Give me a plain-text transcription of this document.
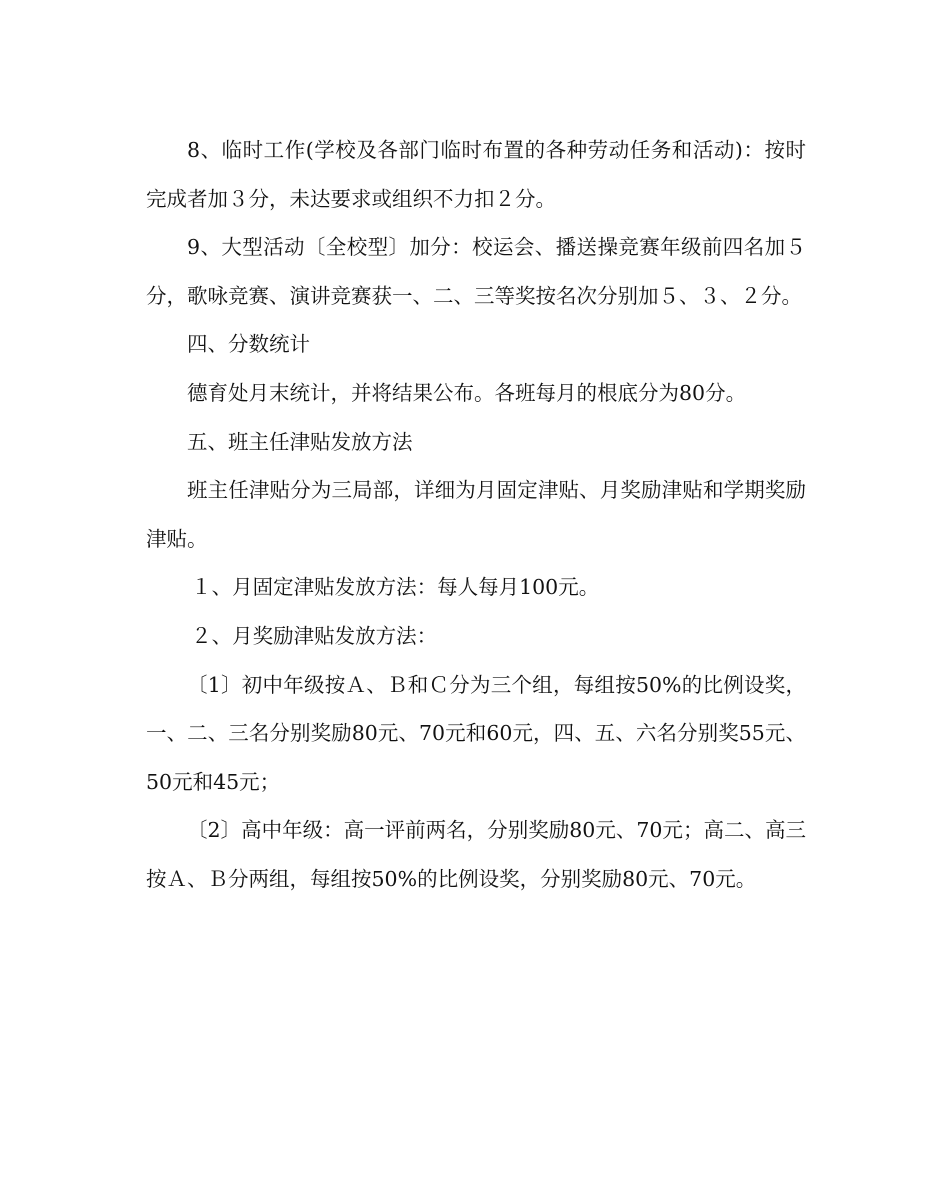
8、临时工作(学校及各部门临时布置的各种劳动任务和活动)：按时完成者加３分，未达要求或组织不力扣２分。

9、大型活动〔全校型〕加分：校运会、播送操竞赛年级前四名加５分，歌咏竞赛、演讲竞赛获一、二、三等奖按名次分别加５、３、２分。

四、分数统计

德育处月末统计，并将结果公布。各班每月的根底分为80分。

五、班主任津贴发放方法

班主任津贴分为三局部，详细为月固定津贴、月奖励津贴和学期奖励津贴。

１、月固定津贴发放方法：每人每月100元。

２、月奖励津贴发放方法：

〔1〕初中年级按Ａ、Ｂ和Ｃ分为三个组，每组按50%的比例设奖，一、二、三名分别奖励80元、70元和60元，四、五、六名分别奖55元、50元和45元；

〔2〕高中年级：高一评前两名，分别奖励80元、70元；高二、高三按Ａ、Ｂ分两组，每组按50%的比例设奖，分别奖励80元、70元。
